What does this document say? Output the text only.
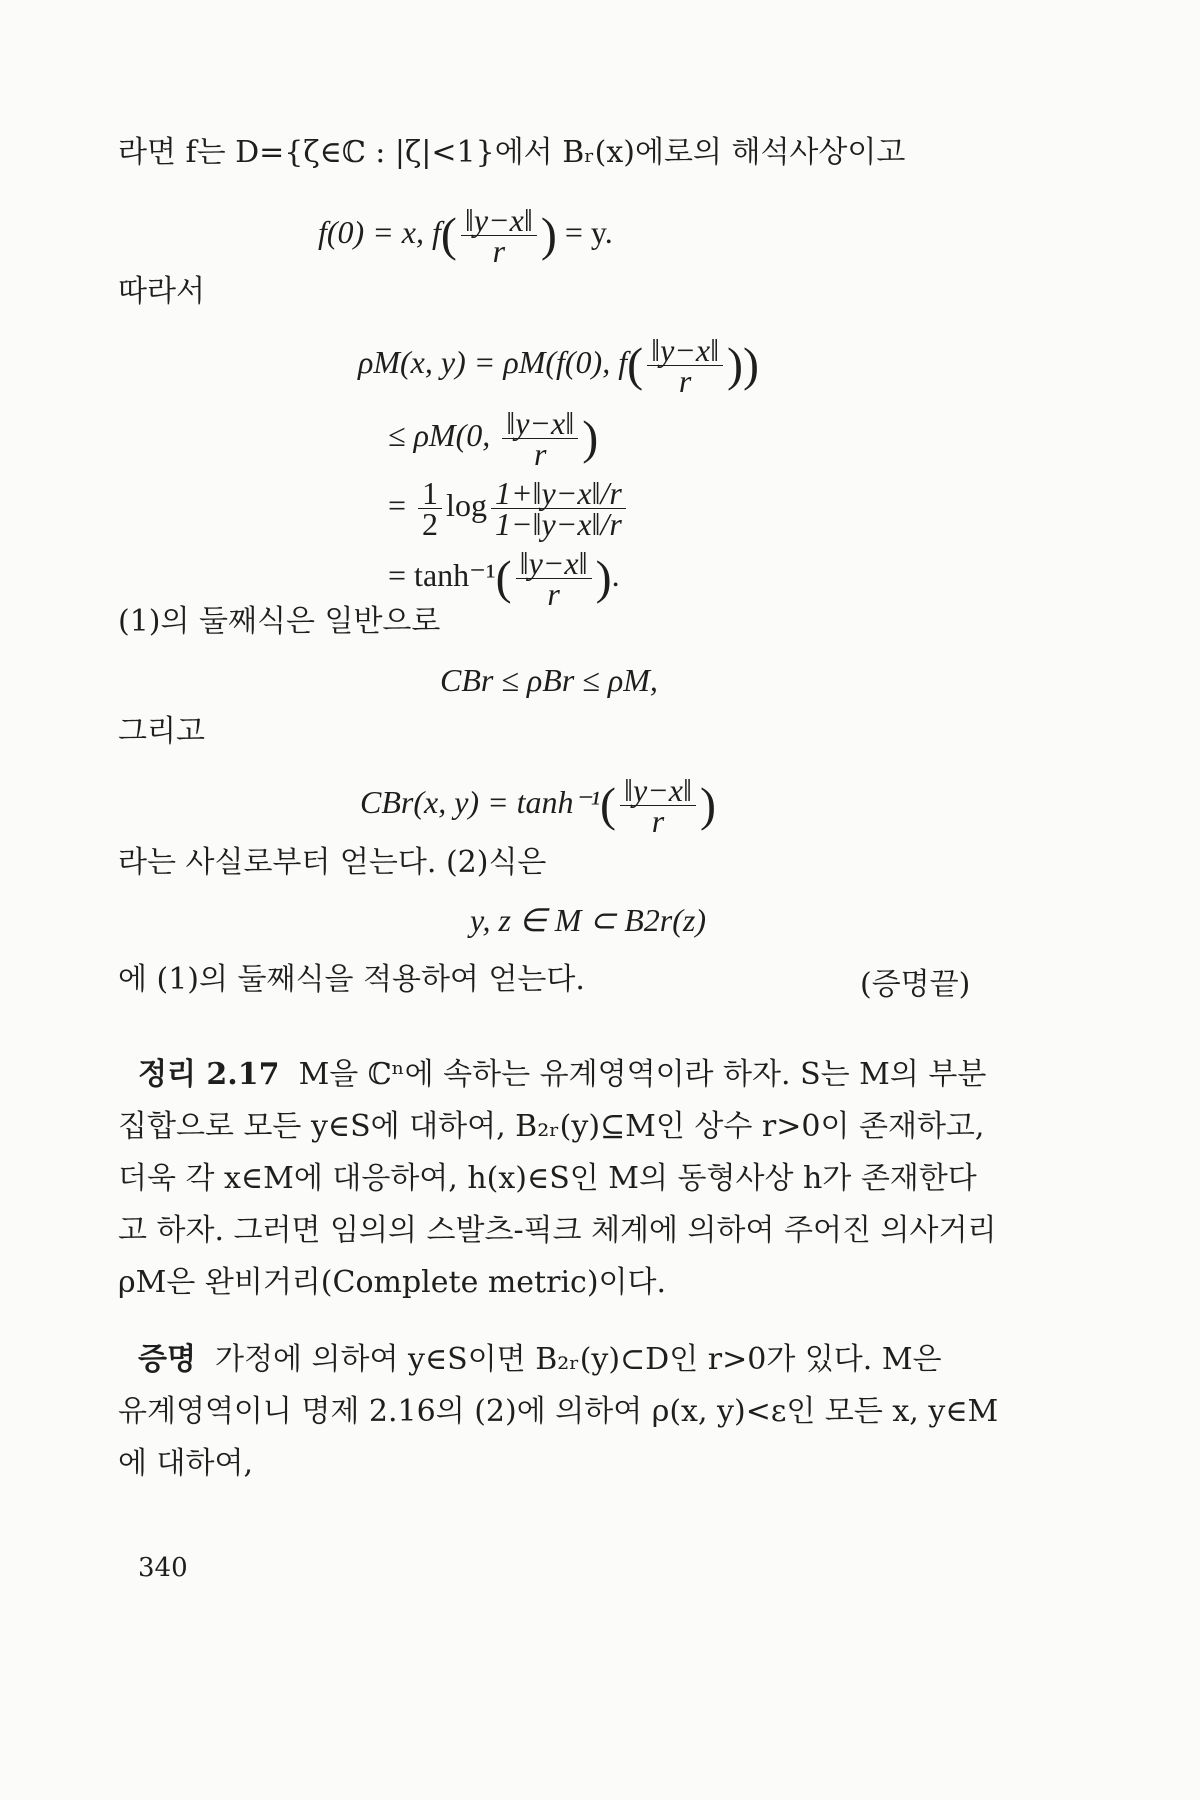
라면 f는 D={ζ∈ℂ : |ζ|<1}에서 Bᵣ(x)에로의 해석사상이고
f(0) = x, $f( \frac{‖y-x‖}{r}$ ) = y.
따라서
ρM(x, y) = ρM(f(0), $f( \frac{‖y-x‖}{r}$ ))
≤ ρM(0, $\frac{‖y-x‖}{r}$ )
= $\frac{1}{2}$ $\log \frac{1+‖y-x‖/r}{1-‖y-x‖/r}$
= $\tanh^{-1}( \frac{‖y-x‖}{r}$ ).
(1)의 둘째식은 일반으로
CBr ≤ ρBr ≤ ρM,
그리고
CBr(x, $y) = \tanh^{-1}( \frac{‖y-x‖}{r}$ )
라는 사실로부터 얻는다. (2)식은
y, z ∈ M ⊂ B2r(z)
에 (1)의 둘째식을 적용하여 얻는다.	(증명끝)
정리 2.17 M을 ℂⁿ에 속하는 유계영역이라 하자. S는 M의 부분
집합으로 모든 y∈S에 대하여, B₂ᵣ(y)⊆M인 상수 r>0이 존재하고,
더욱 각 x∈M에 대응하여, h(x)∈S인 M의 동형사상 h가 존재한다
고 하자. 그러면 임의의 스발츠-픽크 체계에 의하여 주어진 의사거리
ρM은 완비거리(Complete metric)이다.
증명 가정에 의하여 y∈S이면 B₂ᵣ(y)⊂D인 r>0가 있다. M은
유계영역이니 명제 2.16의 (2)에 의하여 ρ(x, y)<ε인 모든 x, y∈M
에 대하여,
340
